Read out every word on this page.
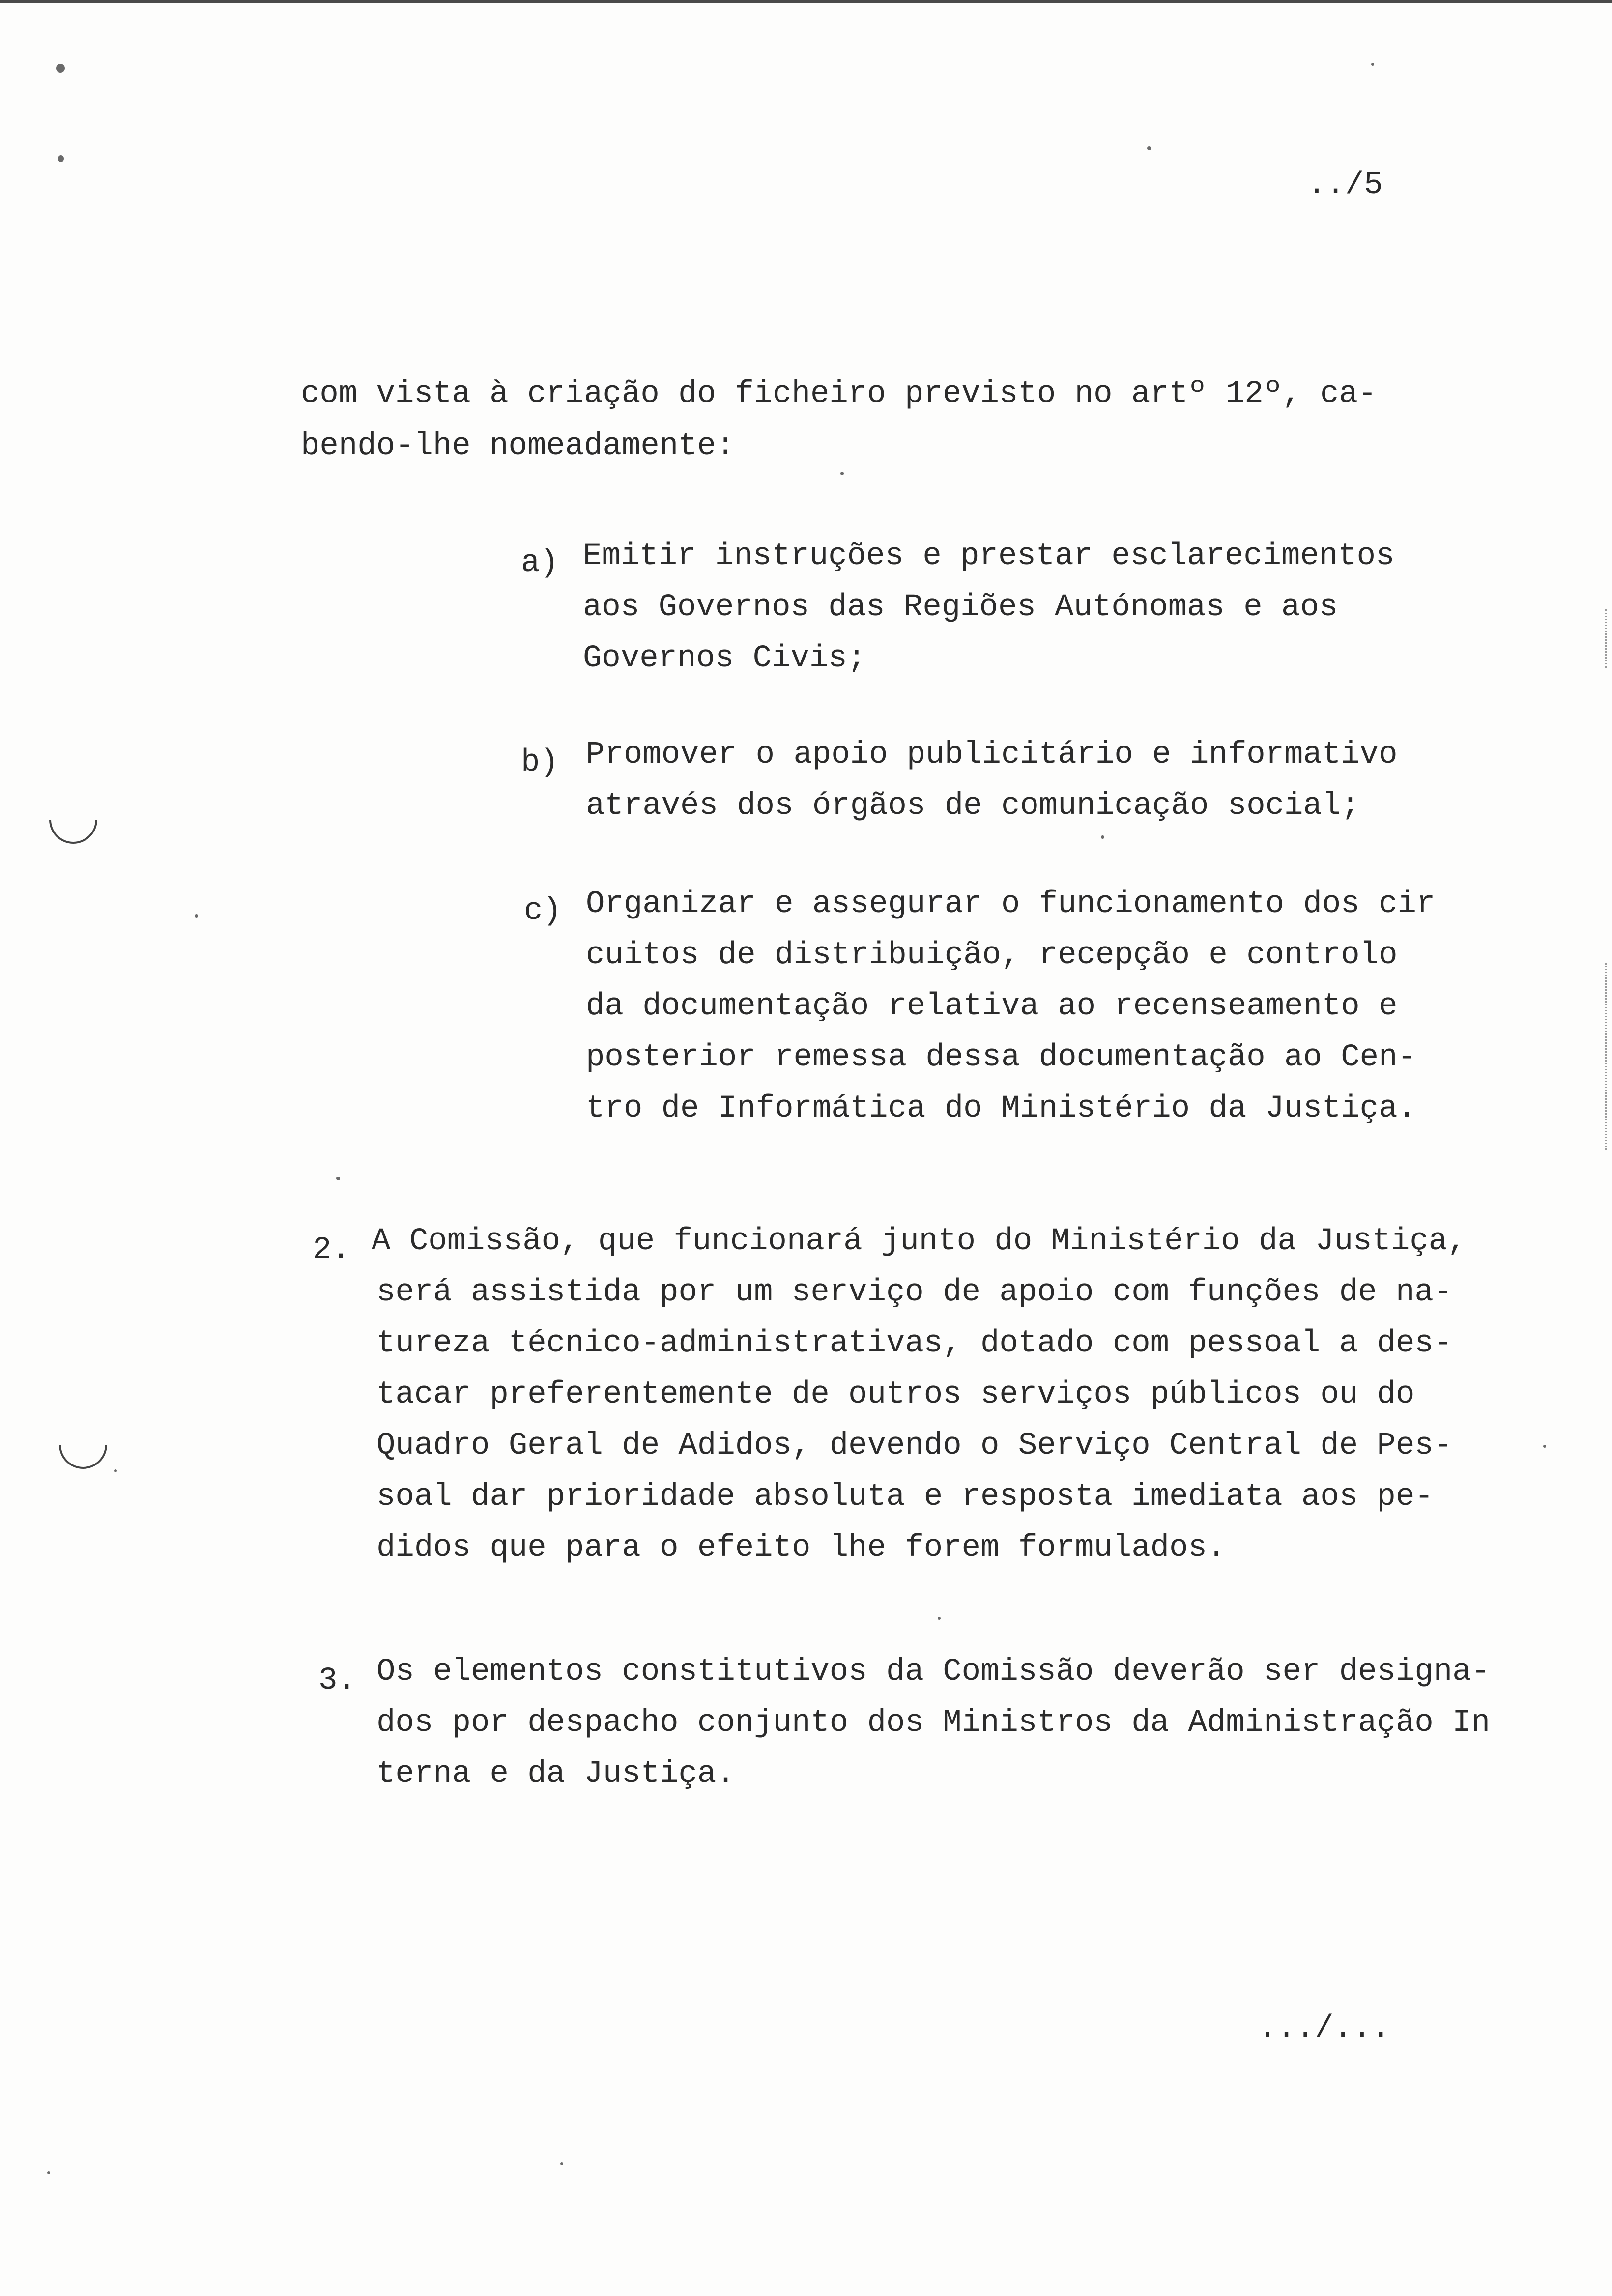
../5

com vista à criação do ficheiro previsto no artº 12º, ca-

bendo-lhe nomeadamente:

a) Emitir instruções e prestar esclarecimentos

aos Governos das Regiões Autónomas e aos

Governos Civis;

b) Promover o apoio publicitário e informativo

através dos órgãos de comunicação social;

c) Organizar e assegurar o funcionamento dos cir

cuitos de distribuição, recepção e controlo

da documentação relativa ao recenseamento e

posterior remessa dessa documentação ao Cen-

tro de Informática do Ministério da Justiça.

2. A Comissão, que funcionará junto do Ministério da Justiça,

será assistida por um serviço de apoio com funções de na-

tureza técnico-administrativas, dotado com pessoal a des-

tacar preferentemente de outros serviços públicos ou do

Quadro Geral de Adidos, devendo o Serviço Central de Pes-

soal dar prioridade absoluta e resposta imediata aos pe-

didos que para o efeito lhe forem formulados.

3. Os elementos constitutivos da Comissão deverão ser designa-

dos por despacho conjunto dos Ministros da Administração In

terna e da Justiça.

.../...
